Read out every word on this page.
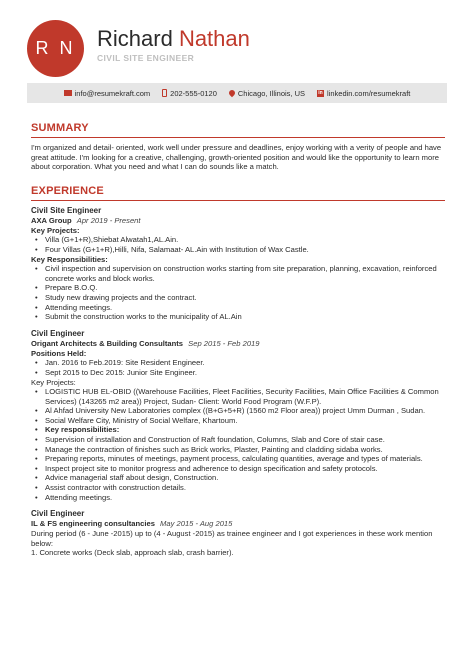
R N Richard Nathan
CIVIL SITE ENGINEER
info@resumekraft.com	202-555-0120	Chicago, Illinois, US	in linkedin.com/resumekraft
SUMMARY
I'm organized and detail- oriented, work well under pressure and deadlines, enjoy working with a verity of people and have great attitude. I'm looking for a creative, challenging, growth-oriented position and would like the opportunity to learn more about corporation. What you need and what I can do sounds like a match.
EXPERIENCE
Civil Site Engineer
AXA Group Apr 2019 - Present
Key Projects:
• Villa (G+1+R),Shiebat Alwatah1,AL.Ain.
• Four Villas (G+1+R),Hilli, Nifa, Salamaat- AL.Ain with Institution of Wax Castle.
Key Responsibilities:
• Civil inspection and supervision on construction works starting from site preparation, planning, excavation, reinforced concrete works and block works.
• Prepare B.O.Q.
• Study new drawing projects and the contract.
• Attending meetings.
• Submit the construction works to the municipality of AL.Ain
Civil Engineer
Origant Architects & Building Consultants Sep 2015 - Feb 2019
Positions Held:
• Jan. 2016 to Feb.2019: Site Resident Engineer.
• Sept 2015 to Dec 2015: Junior Site Engineer.
Key Projects:
• LOGISTIC HUB EL-OBID ((Warehouse Facilities, Fleet Facilities, Security Facilities, Main Office Facilities & Common Services) (143265 m2 area)) Project, Sudan- Client: World Food Program (W.F.P).
• Al Ahfad University New Laboratories complex ((B+G+5+R) (1560 m2 Floor area)) project Umm Durman , Sudan.
• Social Welfare City, Ministry of Social Welfare, Khartoum.
• Key responsibilities:
• Supervision of installation and Construction of Raft foundation, Columns, Slab and Core of stair case.
• Manage the contraction of finishes such as Brick works, Plaster, Painting and cladding sidaba works.
• Preparing reports, minutes of meetings, payment process, calculating quantities, average and types of materials.
• Inspect project site to monitor progress and adherence to design specification and safety protocols.
• Advice managerial staff about design, Construction.
• Assist contractor with construction details.
• Attending meetings.
Civil Engineer
IL & FS engineering consultancies May 2015 - Aug 2015
During period (6 - June -2015) up to (4 - August -2015) as trainee engineer and I got experiences in these work mention below:
1. Concrete works (Deck slab, approach slab, crash barrier).
